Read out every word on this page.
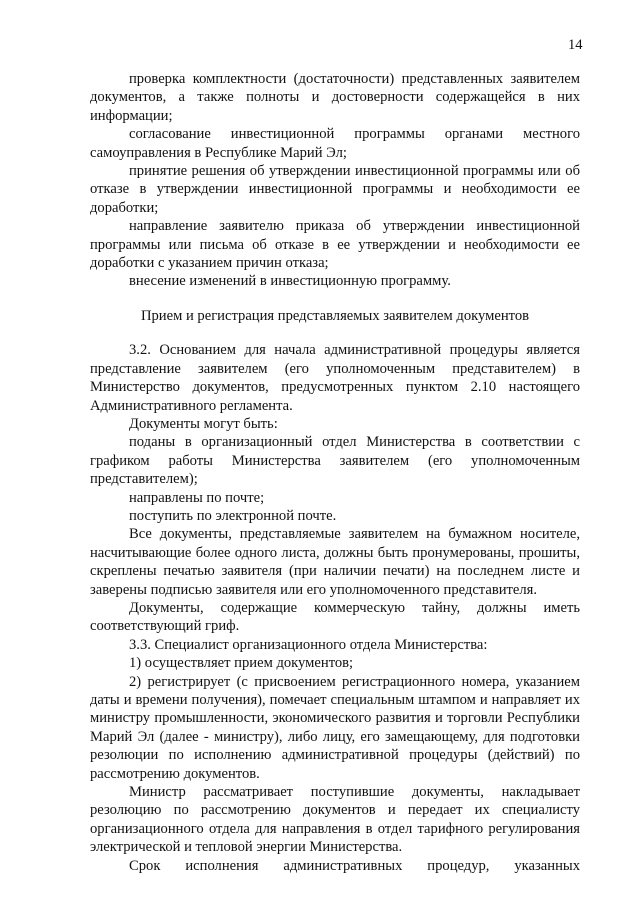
14

проверка комплектности (достаточности) представленных заявителем документов, а также полноты и достоверности содержащейся в них информации;

согласование инвестиционной программы органами местного самоуправления в Республике Марий Эл;

принятие решения об утверждении инвестиционной программы или об отказе в утверждении инвестиционной программы и необходимости ее доработки;

направление заявителю приказа об утверждении инвестиционной программы или письма об отказе в ее утверждении и необходимости ее доработки с указанием причин отказа;

внесение изменений в инвестиционную программу.

Прием и регистрация представляемых заявителем документов

3.2. Основанием для начала административной процедуры является представление заявителем (его уполномоченным представителем) в Министерство документов, предусмотренных пунктом 2.10 настоящего Административного регламента.

Документы могут быть:

поданы в организационный отдел Министерства в соответствии с графиком работы Министерства заявителем (его уполномоченным представителем);

направлены по почте;

поступить по электронной почте.

Все документы, представляемые заявителем на бумажном носителе, насчитывающие более одного листа, должны быть пронумерованы, прошиты, скреплены печатью заявителя (при наличии печати) на последнем листе и заверены подписью заявителя или его уполномоченного представителя.

Документы, содержащие коммерческую тайну, должны иметь соответствующий гриф.

3.3. Специалист организационного отдела Министерства:

1) осуществляет прием документов;

2) регистрирует (с присвоением регистрационного номера, указанием даты и времени получения), помечает специальным штампом и направляет их министру промышленности, экономического развития и торговли Республики Марий Эл (далее - министру), либо лицу, его замещающему, для подготовки резолюции по исполнению административной процедуры (действий) по рассмотрению документов.

Министр рассматривает поступившие документы, накладывает резолюцию по рассмотрению документов и передает их специалисту организационного отдела для направления в отдел тарифного регулирования электрической и тепловой энергии Министерства.

Срок исполнения административных процедур, указанных
